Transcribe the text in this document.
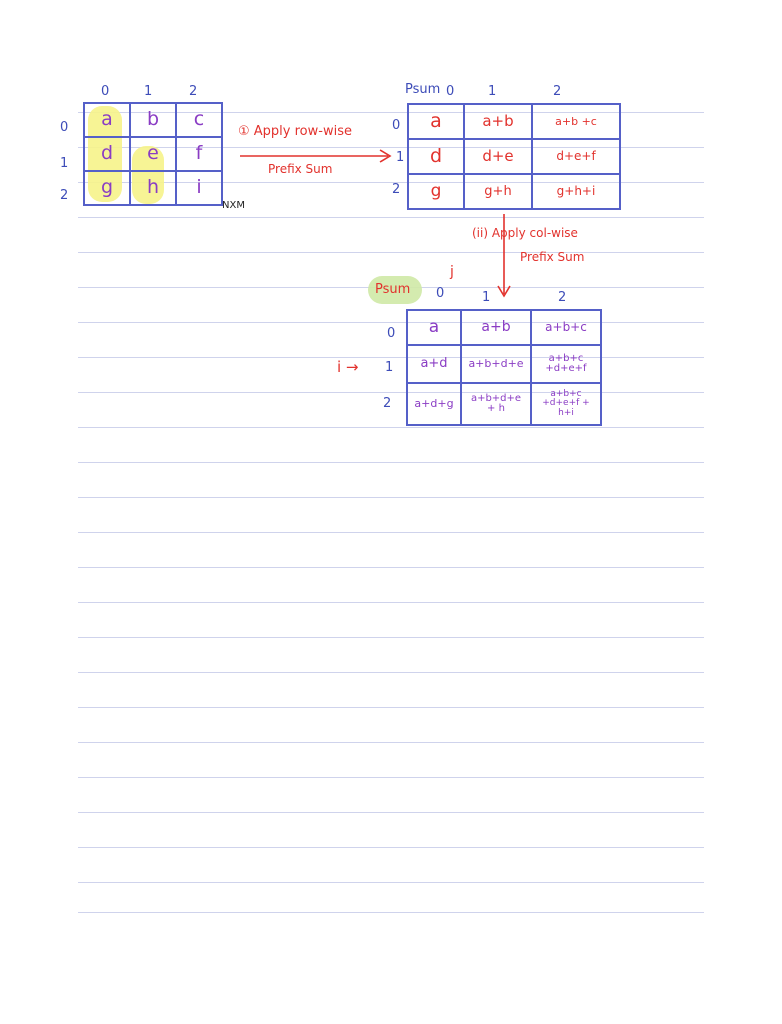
0	1	2
0
1
2
a	b	c
d	e	f
g	h	i
NXM
① Apply row-wise
Prefix Sum
Psum 0	1	2
0
1
2
a	a+b	a+b +c
d	d+e	d+e+f
g	g+h	g+h+i
(ii) Apply col-wise
Prefix Sum
Psum
j
i →
0	1	2
0
1
2
a	a+b	a+b+c
a+d	a+b+d+e	a+b+c +d+e+f
a+d+g	a+b+d+e + h	a+b+c +d+e+f + h+i
